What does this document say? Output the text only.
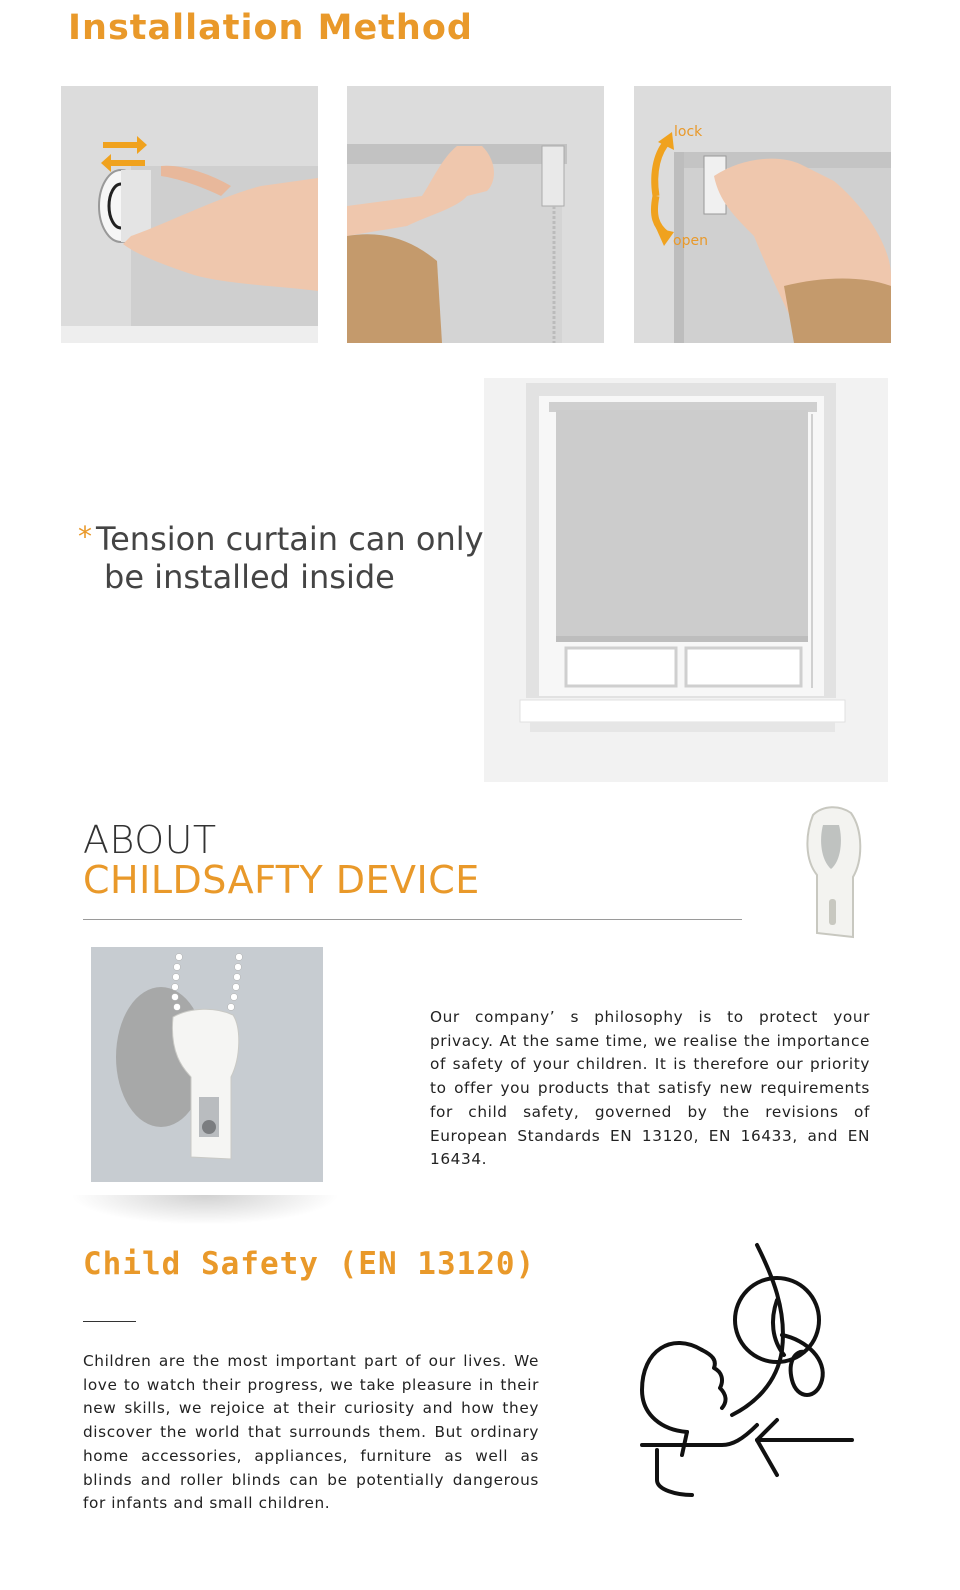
Installation Method
lock
open
* Tension curtain can only
be installed inside
ABOUT
CHILDSAFTY DEVICE
Our company’ s philosophy is to protect your privacy. At the same time, we realise the importance of safety of your children. It is therefore our priority to offer you products that satisfy new requirements for child safety, governed by the revisions of European Standards EN 13120, EN 16433, and EN 16434.
Child Safety (EN 13120)
Children are the most important part of our lives. We love to watch their progress, we take pleasure in their new skills, we rejoice at their curiosity and how they discover the world that surrounds them. But ordinary home accessories, appliances, furniture as well as blinds and roller blinds can be potentially dangerous for infants and small children.
